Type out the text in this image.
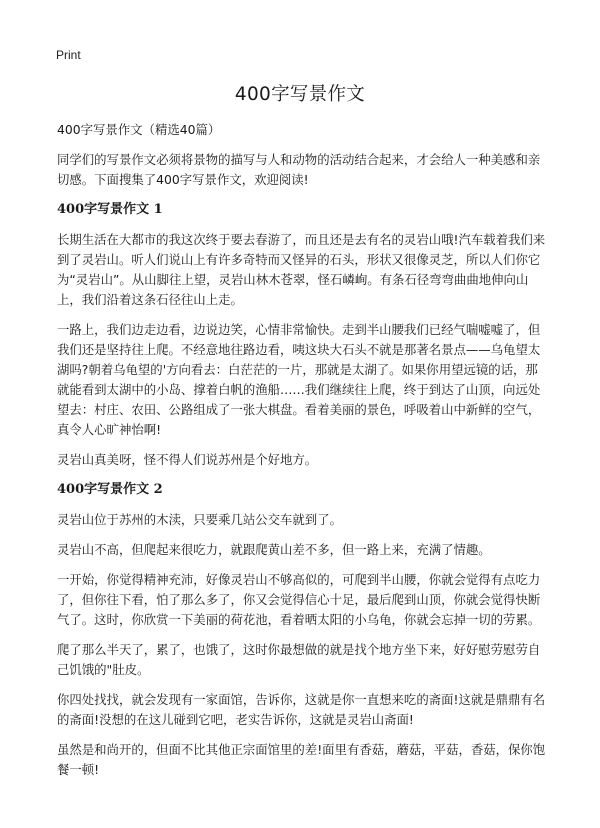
Print
400字写景作文

400字写景作文（精选40篇）

同学们的写景作文必须将景物的描写与人和动物的活动结合起来，才会给人一种美感和亲切感。下面搜集了400字写景作文，欢迎阅读!

400字写景作文 1

长期生活在大都市的我这次终于要去春游了，而且还是去有名的灵岩山哦!汽车载着我们来到了灵岩山。听人们说山上有许多奇特而又怪异的石头，形状又很像灵芝，所以人们你它为“灵岩山”。从山脚往上望，灵岩山林木苍翠，怪石嶙峋。有条石径弯弯曲曲地伸向山上，我们沿着这条石径往山上走。

一路上，我们边走边看，边说边笑，心情非常愉快。走到半山腰我们已经气喘嘘嘘了，但我们还是坚持往上爬。不经意地往路边看，咦这块大石头不就是那著名景点——乌龟望太湖吗?朝着乌龟望的'方向看去：白茫茫的一片，那就是太湖了。如果你用望远镜的话，那就能看到太湖中的小岛、撑着白帆的渔船……我们继续往上爬，终于到达了山顶，向远处望去：村庄、农田、公路组成了一张大棋盘。看着美丽的景色，呼吸着山中新鲜的空气，真令人心旷神怡啊!

灵岩山真美呀，怪不得人们说苏州是个好地方。

400字写景作文 2

灵岩山位于苏州的木渎，只要乘几站公交车就到了。

灵岩山不高，但爬起来很吃力，就跟爬黄山差不多，但一路上来，充满了情趣。

一开始，你觉得精神充沛，好像灵岩山不够高似的，可爬到半山腰，你就会觉得有点吃力了，但你往下看，怕了那么多了，你又会觉得信心十足，最后爬到山顶，你就会觉得快断气了。这时，你欣赏一下美丽的荷花池，看着晒太阳的小乌龟，你就会忘掉一切的劳累。

爬了那么半天了，累了，也饿了，这时你最想做的就是找个地方坐下来，好好慰劳慰劳自己饥饿的"肚皮。

你四处找找，就会发现有一家面馆，告诉你，这就是你一直想来吃的斋面!这就是鼎鼎有名的斋面!没想的在这儿碰到它吧，老实告诉你，这就是灵岩山斋面!

虽然是和尚开的，但面不比其他正宗面馆里的差!面里有香菇，蘑菇，平菇，香菇，保你饱餐一顿!
